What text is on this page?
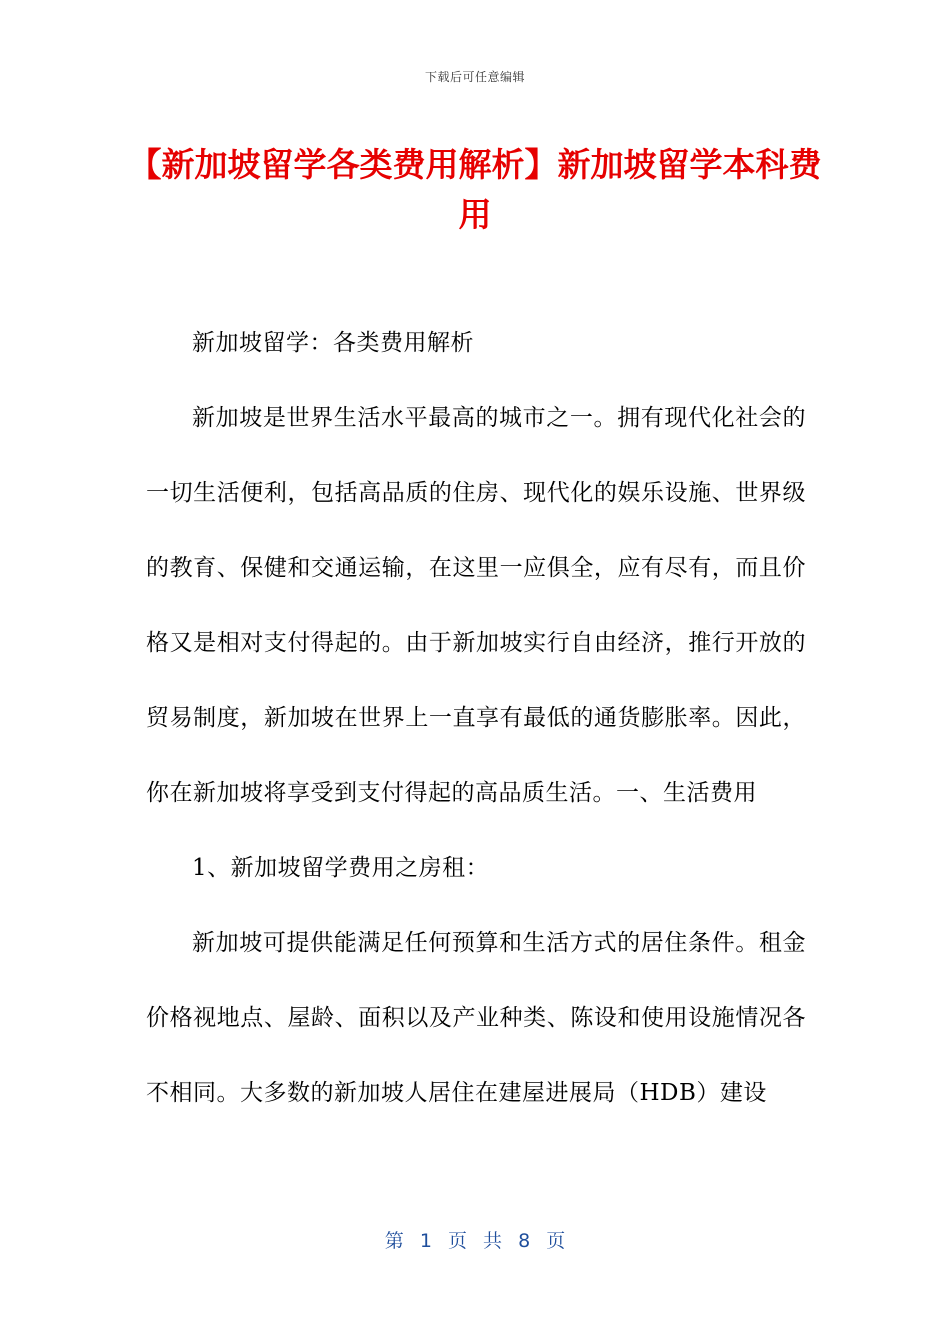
下载后可任意编辑
【新加坡留学各类费用解析】新加坡留学本科费用

新加坡留学：各类费用解析

新加坡是世界生活水平最高的城市之一。拥有现代化社会的一切生活便利，包括高品质的住房、现代化的娱乐设施、世界级的教育、保健和交通运输，在这里一应俱全，应有尽有，而且价格又是相对支付得起的。由于新加坡实行自由经济，推行开放的贸易制度，新加坡在世界上一直享有最低的通货膨胀率。因此，你在新加坡将享受到支付得起的高品质生活。一、生活费用

1、新加坡留学费用之房租：

新加坡可提供能满足任何预算和生活方式的居住条件。租金价格视地点、屋龄、面积以及产业种类、陈设和使用设施情况各不相同。大多数的新加坡人居住在建屋进展局（HDB）建设

第 1 页 共 8 页
